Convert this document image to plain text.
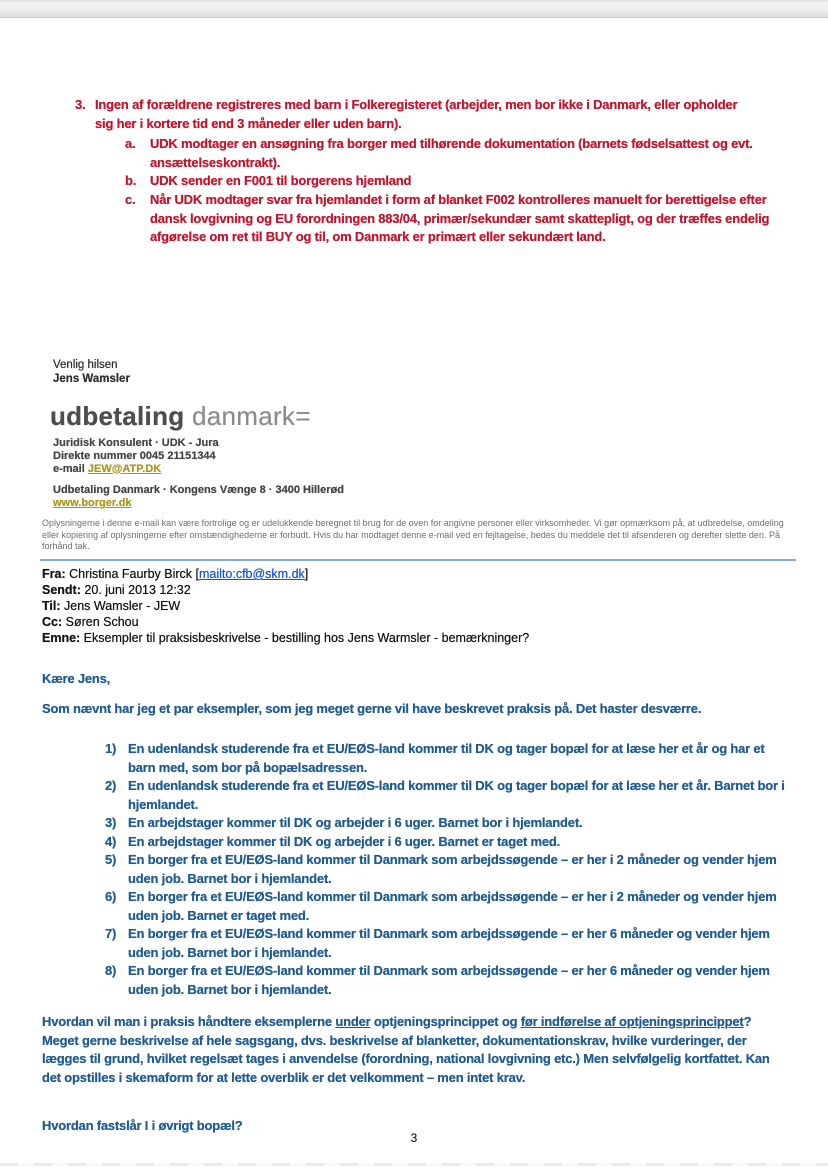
3. Ingen af forældrene registreres med barn i Folkeregisteret (arbejder, men bor ikke i Danmark, eller opholder sig her i kortere tid end 3 måneder eller uden barn).
a.	UDK modtager en ansøgning fra borger med tilhørende dokumentation (barnets fødselsattest og evt. ansættelseskontrakt).
b.	UDK sender en F001 til borgerens hjemland
c.	Når UDK modtager svar fra hjemlandet i form af blanket F002 kontrolleres manuelt for berettigelse efter dansk lovgivning og EU forordningen 883/04, primær/sekundær samt skattepligt, og der træffes endelig afgørelse om ret til BUY og til, om Danmark er primært eller sekundært land.
Venlig hilsen
Jens Wamsler
udbetaling danmark=
Juridisk Konsulent · UDK - Jura
Direkte nummer 0045 21151344
e-mail JEW@ATP.DK
Udbetaling Danmark · Kongens Vænge 8 · 3400 Hillerød
www.borger.dk
Oplysningerne i denne e-mail kan være fortrolige og er udelukkende beregnet til brug for de oven for angivne personer eller virksomheder. Vi gør opmærksom på, at udbredelse, omdeling eller kopiering af oplysningerne efter omstændighederne er forbudt. Hvis du har modtaget denne e-mail ved en fejltagelse, bedes du meddele det til afsenderen og derefter slette den. På forhånd tak.
Fra: Christina Faurby Birck [mailto:cfb@skm.dk]
Sendt: 20. juni 2013 12:32
Til: Jens Wamsler - JEW
Cc: Søren Schou
Emne: Eksempler til praksisbeskrivelse - bestilling hos Jens Warmsler - bemærkninger?
Kære Jens,
Som nævnt har jeg et par eksempler, som jeg meget gerne vil have beskrevet praksis på. Det haster desværre.
1) En udenlandsk studerende fra et EU/EØS-land kommer til DK og tager bopæl for at læse her et år og har et barn med, som bor på bopælsadressen.
2) En udenlandsk studerende fra et EU/EØS-land kommer til DK og tager bopæl for at læse her et år. Barnet bor i hjemlandet.
3) En arbejdstager kommer til DK og arbejder i 6 uger. Barnet bor i hjemlandet.
4) En arbejdstager kommer til DK og arbejder i 6 uger. Barnet er taget med.
5) En borger fra et EU/EØS-land kommer til Danmark som arbejdssøgende – er her i 2 måneder og vender hjem uden job. Barnet bor i hjemlandet.
6) En borger fra et EU/EØS-land kommer til Danmark som arbejdssøgende – er her i 2 måneder og vender hjem uden job. Barnet er taget med.
7) En borger fra et EU/EØS-land kommer til Danmark som arbejdssøgende – er her 6 måneder og vender hjem uden job. Barnet bor i hjemlandet.
8) En borger fra et EU/EØS-land kommer til Danmark som arbejdssøgende – er her 6 måneder og vender hjem uden job. Barnet bor i hjemlandet.
Hvordan vil man i praksis håndtere eksemplerne under optjeningsprincippet og før indførelse af optjeningsprincippet? Meget gerne beskrivelse af hele sagsgang, dvs. beskrivelse af blanketter, dokumentationskrav, hvilke vurderinger, der lægges til grund, hvilket regelsæt tages i anvendelse (forordning, national lovgivning etc.) Men selvfølgelig kortfattet. Kan det opstilles i skemaform for at lette overblik er det velkomment – men intet krav.
Hvordan fastslår I i øvrigt bopæl?
3
